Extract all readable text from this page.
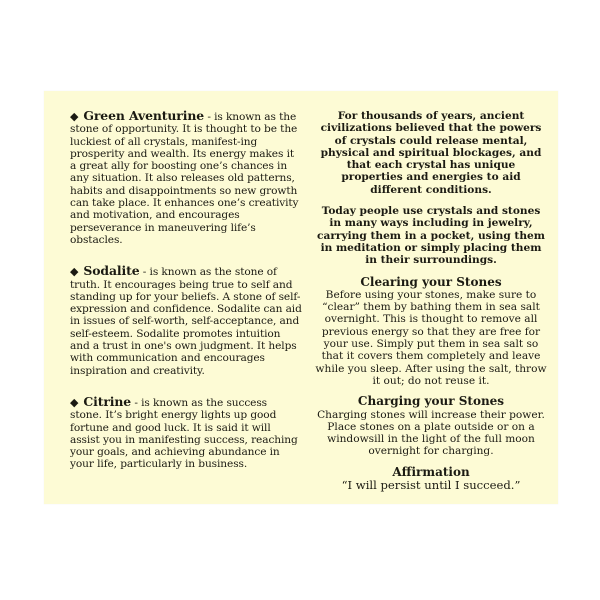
◆ Green Aventurine - is known as the stone of opportunity. It is thought to be the luckiest of all crystals, manifest-ing prosperity and wealth. Its energy makes it a great ally for boosting one’s chances in any situation. It also releases old patterns, habits and disappointments so new growth can take place. It enhances one’s creativity and motivation, and encourages perseverance in maneuvering life’s obstacles.
◆ Sodalite - is known as the stone of truth. It encourages being true to self and standing up for your beliefs. A stone of self-expression and confidence. Sodalite can aid in issues of self-worth, self-acceptance, and self-esteem. Sodalite promotes intuition and a trust in one's own judgment. It helps with communication and encourages inspiration and creativity.
◆ Citrine - is known as the success stone. It’s bright energy lights up good fortune and good luck. It is said it will assist you in manifesting success, reaching your goals, and achieving abundance in your life, particularly in business.

For thousands of years, ancient civilizations believed that the powers of crystals could release mental, physical and spiritual blockages, and that each crystal has unique properties and energies to aid different conditions.

Today people use crystals and stones in many ways including in jewelry, carrying them in a pocket, using them in meditation or simply placing them in their surroundings.

Clearing your Stones

Before using your stones, make sure to “clear” them by bathing them in sea salt overnight. This is thought to remove all previous energy so that they are free for your use. Simply put them in sea salt so that it covers them completely and leave while you sleep. After using the salt, throw it out; do not reuse it.

Charging your Stones

Charging stones will increase their power. Place stones on a plate outside or on a windowsill in the light of the full moon overnight for charging.

Affirmation
“I will persist until I succeed.”
